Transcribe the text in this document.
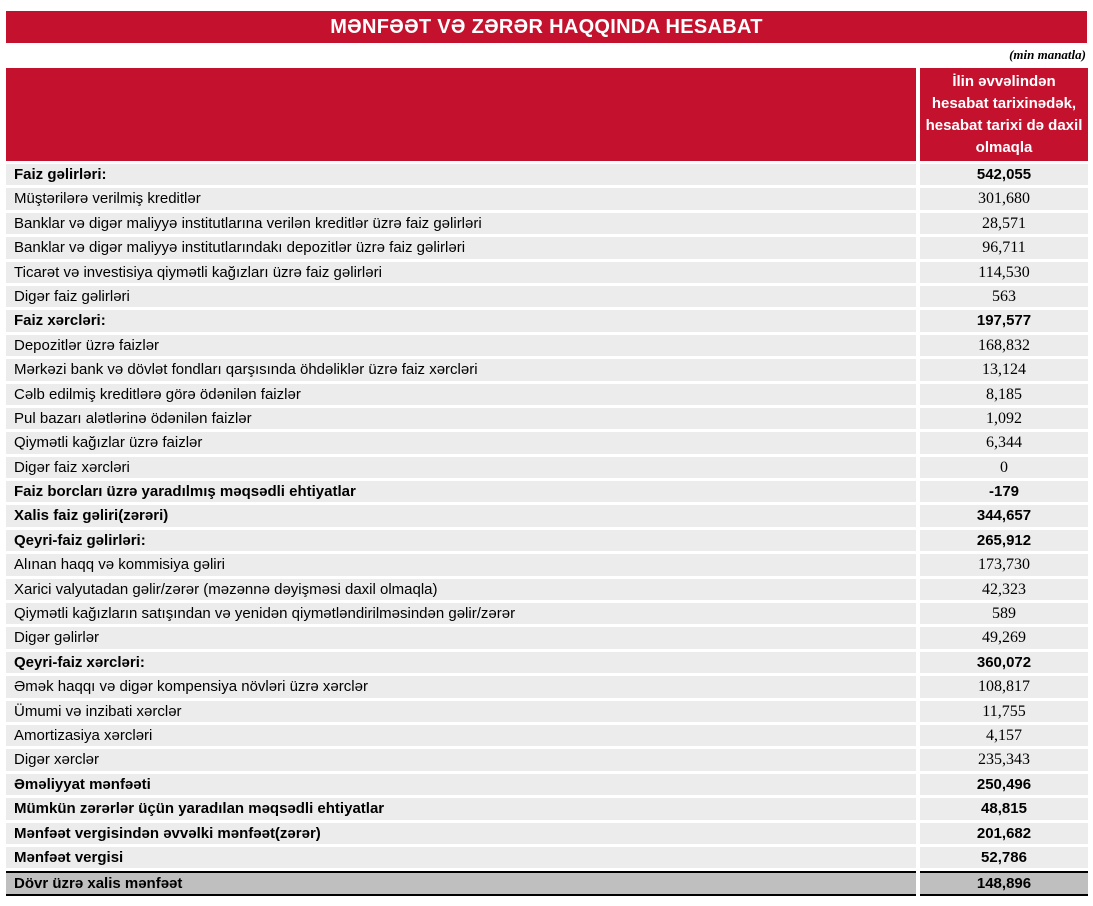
MƏNFƏƏT VƏ ZƏRƏR HAQQINDA HESABAT
(min manatla)
İlin əvvəlindən hesabat tarixinədək, hesabat tarixi də daxil olmaqla
Faiz gəlirləri:	542,055
Müştərilərə verilmiş kreditlər	301,680
Banklar və digər maliyyə institutlarına verilən kreditlər üzrə faiz gəlirləri	28,571
Banklar və digər maliyyə institutlarındakı depozitlər üzrə faiz gəlirləri	96,711
Ticarət və investisiya qiymətli kağızları üzrə faiz gəlirləri	114,530
Digər faiz gəlirləri	563
Faiz xərcləri:	197,577
Depozitlər üzrə faizlər	168,832
Mərkəzi bank və dövlət fondları qarşısında öhdəliklər üzrə faiz xərcləri	13,124
Cəlb edilmiş kreditlərə görə ödənilən faizlər	8,185
Pul bazarı alətlərinə ödənilən faizlər	1,092
Qiymətli kağızlar üzrə faizlər	6,344
Digər faiz xərcləri	0
Faiz borcları üzrə yaradılmış məqsədli ehtiyatlar	-179
Xalis faiz gəliri(zərəri)	344,657
Qeyri-faiz gəlirləri:	265,912
Alınan haqq və kommisiya gəliri	173,730
Xarici valyutadan gəlir/zərər (məzənnə dəyişməsi daxil olmaqla)	42,323
Qiymətli kağızların satışından və yenidən qiymətləndirilməsindən gəlir/zərər	589
Digər gəlirlər	49,269
Qeyri-faiz xərcləri:	360,072
Əmək haqqı və digər kompensiya növləri üzrə xərclər	108,817
Ümumi və inzibati xərclər	11,755
Amortizasiya xərcləri	4,157
Digər xərclər	235,343
Əməliyyat mənfəəti	250,496
Mümkün zərərlər üçün yaradılan məqsədli ehtiyatlar	48,815
Mənfəət vergisindən əvvəlki mənfəət(zərər)	201,682
Mənfəət vergisi	52,786
Dövr üzrə xalis mənfəət	148,896
